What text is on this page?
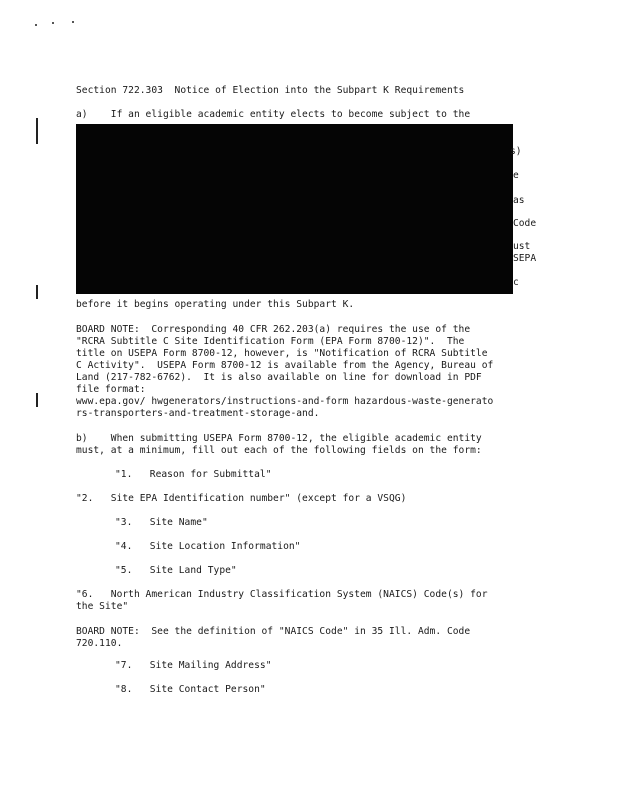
Section 722.303  Notice of Election into the Subpart K Requirements
a)    If an eligible academic entity elects to become subject to the
s)
e
as
Code
ust
SEPA
c
before it begins operating under this Subpart K.
BOARD NOTE:  Corresponding 40 CFR 262.203(a) requires the use of the
"RCRA Subtitle C Site Identification Form (EPA Form 8700-12)".  The
title on USEPA Form 8700-12, however, is "Notification of RCRA Subtitle
C Activity".  USEPA Form 8700-12 is available from the Agency, Bureau of
Land (217-782-6762).  It is also available on line for download in PDF
file format:
www.epa.gov/ hwgenerators/instructions-and-form hazardous-waste-generato
rs-transporters-and-treatment-storage-and.
b)    When submitting USEPA Form 8700-12, the eligible academic entity
must, at a minimum, fill out each of the following fields on the form:
"1.   Reason for Submittal"
"2.   Site EPA Identification number" (except for a VSQG)
"3.   Site Name"
"4.   Site Location Information"
"5.   Site Land Type"
"6.   North American Industry Classification System (NAICS) Code(s) for
the Site"
BOARD NOTE:  See the definition of "NAICS Code" in 35 Ill. Adm. Code
720.110.
"7.   Site Mailing Address"
"8.   Site Contact Person"
